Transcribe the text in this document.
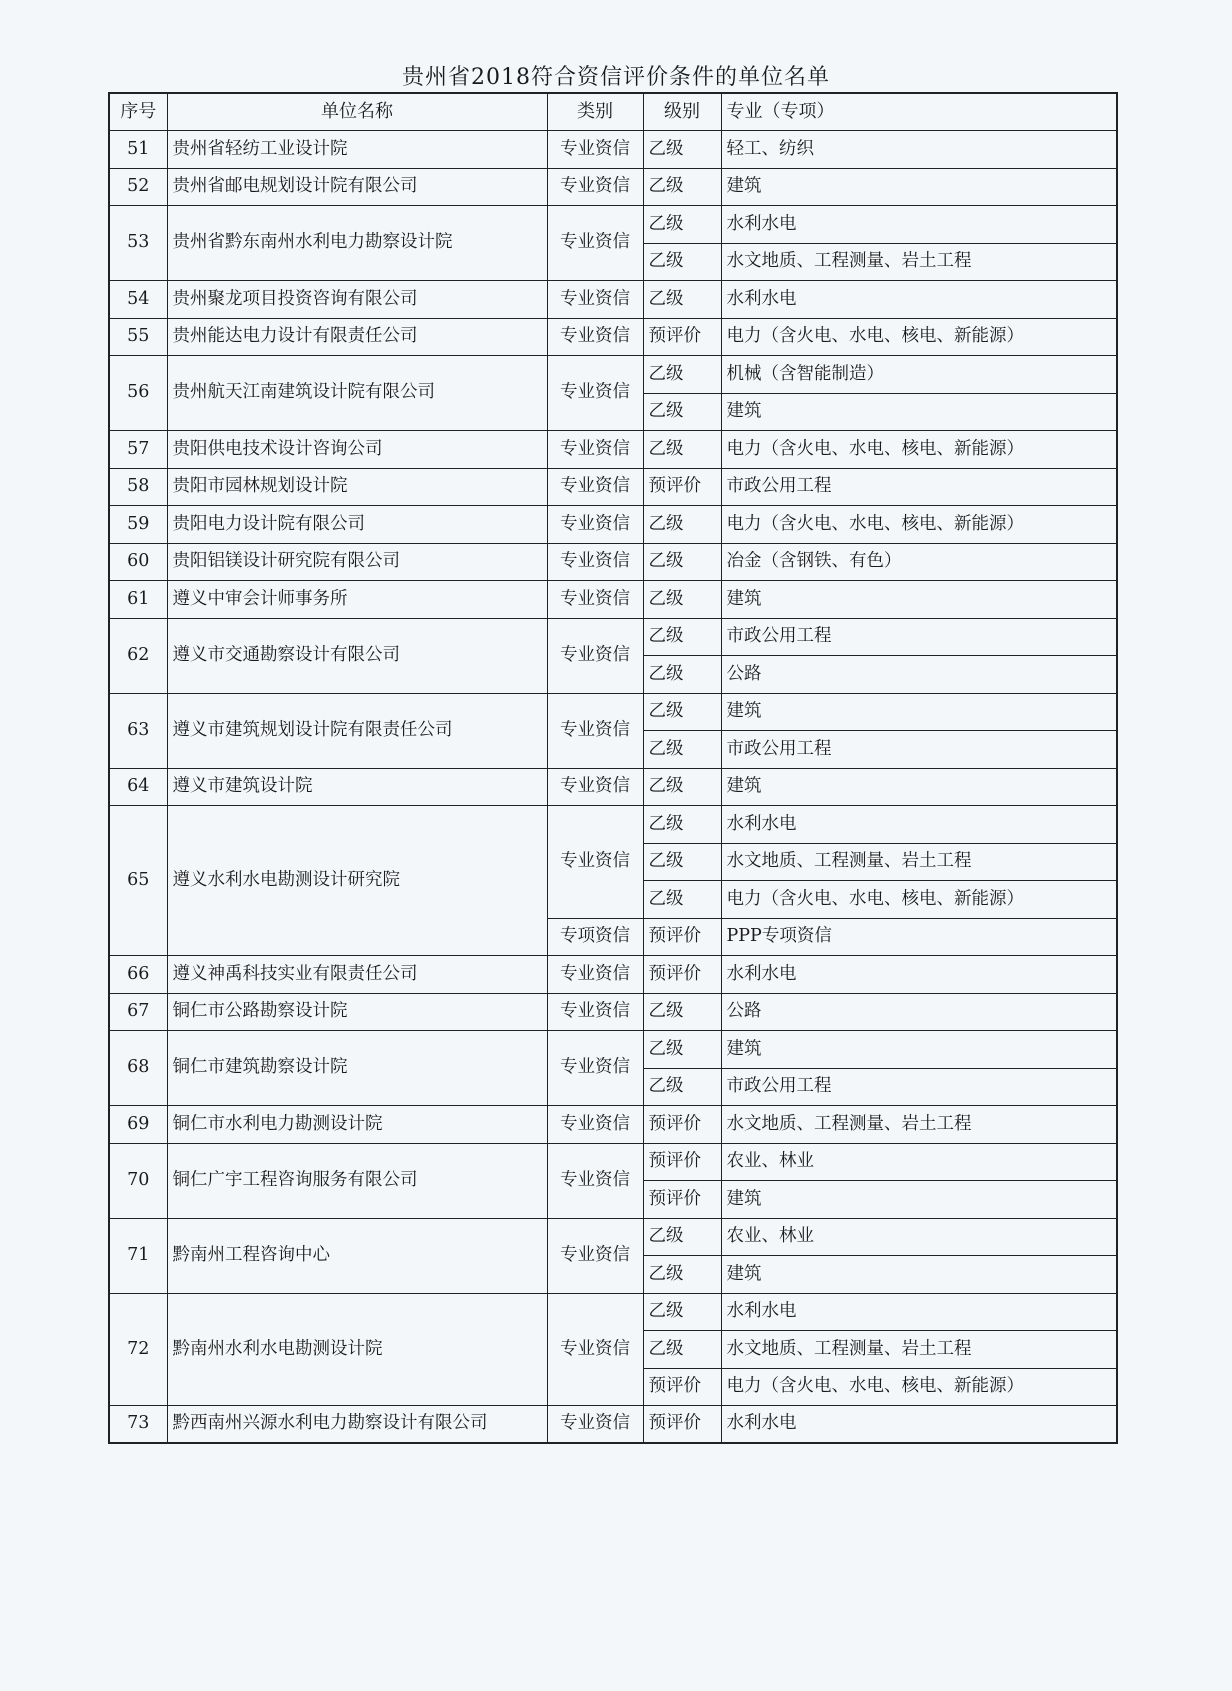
贵州省2018符合资信评价条件的单位名单
序号	单位名称	类别	级别	专业（专项）
51	贵州省轻纺工业设计院	专业资信	乙级	轻工、纺织
52	贵州省邮电规划设计院有限公司	专业资信	乙级	建筑
53	贵州省黔东南州水利电力勘察设计院	专业资信	乙级	水利水电
			乙级	水文地质、工程测量、岩土工程
54	贵州聚龙项目投资咨询有限公司	专业资信	乙级	水利水电
55	贵州能达电力设计有限责任公司	专业资信	预评价	电力（含火电、水电、核电、新能源）
56	贵州航天江南建筑设计院有限公司	专业资信	乙级	机械（含智能制造）
			乙级	建筑
57	贵阳供电技术设计咨询公司	专业资信	乙级	电力（含火电、水电、核电、新能源）
58	贵阳市园林规划设计院	专业资信	预评价	市政公用工程
59	贵阳电力设计院有限公司	专业资信	乙级	电力（含火电、水电、核电、新能源）
60	贵阳铝镁设计研究院有限公司	专业资信	乙级	冶金（含钢铁、有色）
61	遵义中审会计师事务所	专业资信	乙级	建筑
62	遵义市交通勘察设计有限公司	专业资信	乙级	市政公用工程
			乙级	公路
63	遵义市建筑规划设计院有限责任公司	专业资信	乙级	建筑
			乙级	市政公用工程
64	遵义市建筑设计院	专业资信	乙级	建筑
65	遵义水利水电勘测设计研究院	专业资信	乙级	水利水电
			乙级	水文地质、工程测量、岩土工程
			乙级	电力（含火电、水电、核电、新能源）
		专项资信	预评价	PPP专项资信
66	遵义神禹科技实业有限责任公司	专业资信	预评价	水利水电
67	铜仁市公路勘察设计院	专业资信	乙级	公路
68	铜仁市建筑勘察设计院	专业资信	乙级	建筑
			乙级	市政公用工程
69	铜仁市水利电力勘测设计院	专业资信	预评价	水文地质、工程测量、岩土工程
70	铜仁广宇工程咨询服务有限公司	专业资信	预评价	农业、林业
			预评价	建筑
71	黔南州工程咨询中心	专业资信	乙级	农业、林业
			乙级	建筑
72	黔南州水利水电勘测设计院	专业资信	乙级	水利水电
			乙级	水文地质、工程测量、岩土工程
			预评价	电力（含火电、水电、核电、新能源）
73	黔西南州兴源水利电力勘察设计有限公司	专业资信	预评价	水利水电
